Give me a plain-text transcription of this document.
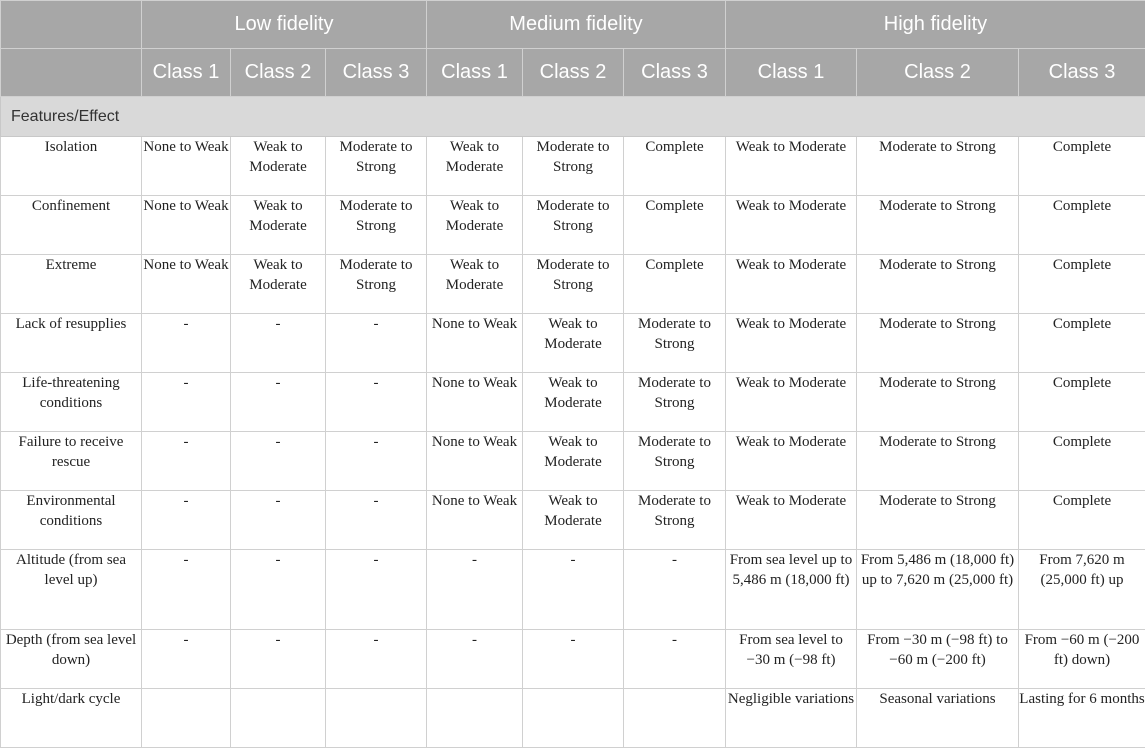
	Low fidelity			Medium fidelity			High fidelity		
	Class 1	Class 2	Class 3	Class 1	Class 2	Class 3	Class 1	Class 2	Class 3
Features/Effect									
Isolation	None to Weak	Weak to Moderate	Moderate to Strong	Weak to Moderate	Moderate to Strong	Complete	Weak to Moderate	Moderate to Strong	Complete
Confinement	None to Weak	Weak to Moderate	Moderate to Strong	Weak to Moderate	Moderate to Strong	Complete	Weak to Moderate	Moderate to Strong	Complete
Extreme	None to Weak	Weak to Moderate	Moderate to Strong	Weak to Moderate	Moderate to Strong	Complete	Weak to Moderate	Moderate to Strong	Complete
Lack of resupplies	-	-	-	None to Weak	Weak to Moderate	Moderate to Strong	Weak to Moderate	Moderate to Strong	Complete
Life-threatening conditions	-	-	-	None to Weak	Weak to Moderate	Moderate to Strong	Weak to Moderate	Moderate to Strong	Complete
Failure to receive rescue	-	-	-	None to Weak	Weak to Moderate	Moderate to Strong	Weak to Moderate	Moderate to Strong	Complete
Environmental conditions	-	-	-	None to Weak	Weak to Moderate	Moderate to Strong	Weak to Moderate	Moderate to Strong	Complete
Altitude (from sea level up)	-	-	-	-	-	-	From sea level up to 5,486 m (18,000 ft)	From 5,486 m (18,000 ft) up to 7,620 m (25,000 ft)	From 7,620 m (25,000 ft) up
Depth (from sea level down)	-	-	-	-	-	-	From sea level to −30 m (−98 ft)	From −30 m (−98 ft) to −60 m (−200 ft)	From −60 m (−200 ft) down)
Light/dark cycle							Negligible variations	Seasonal variations	Lasting for 6 months
